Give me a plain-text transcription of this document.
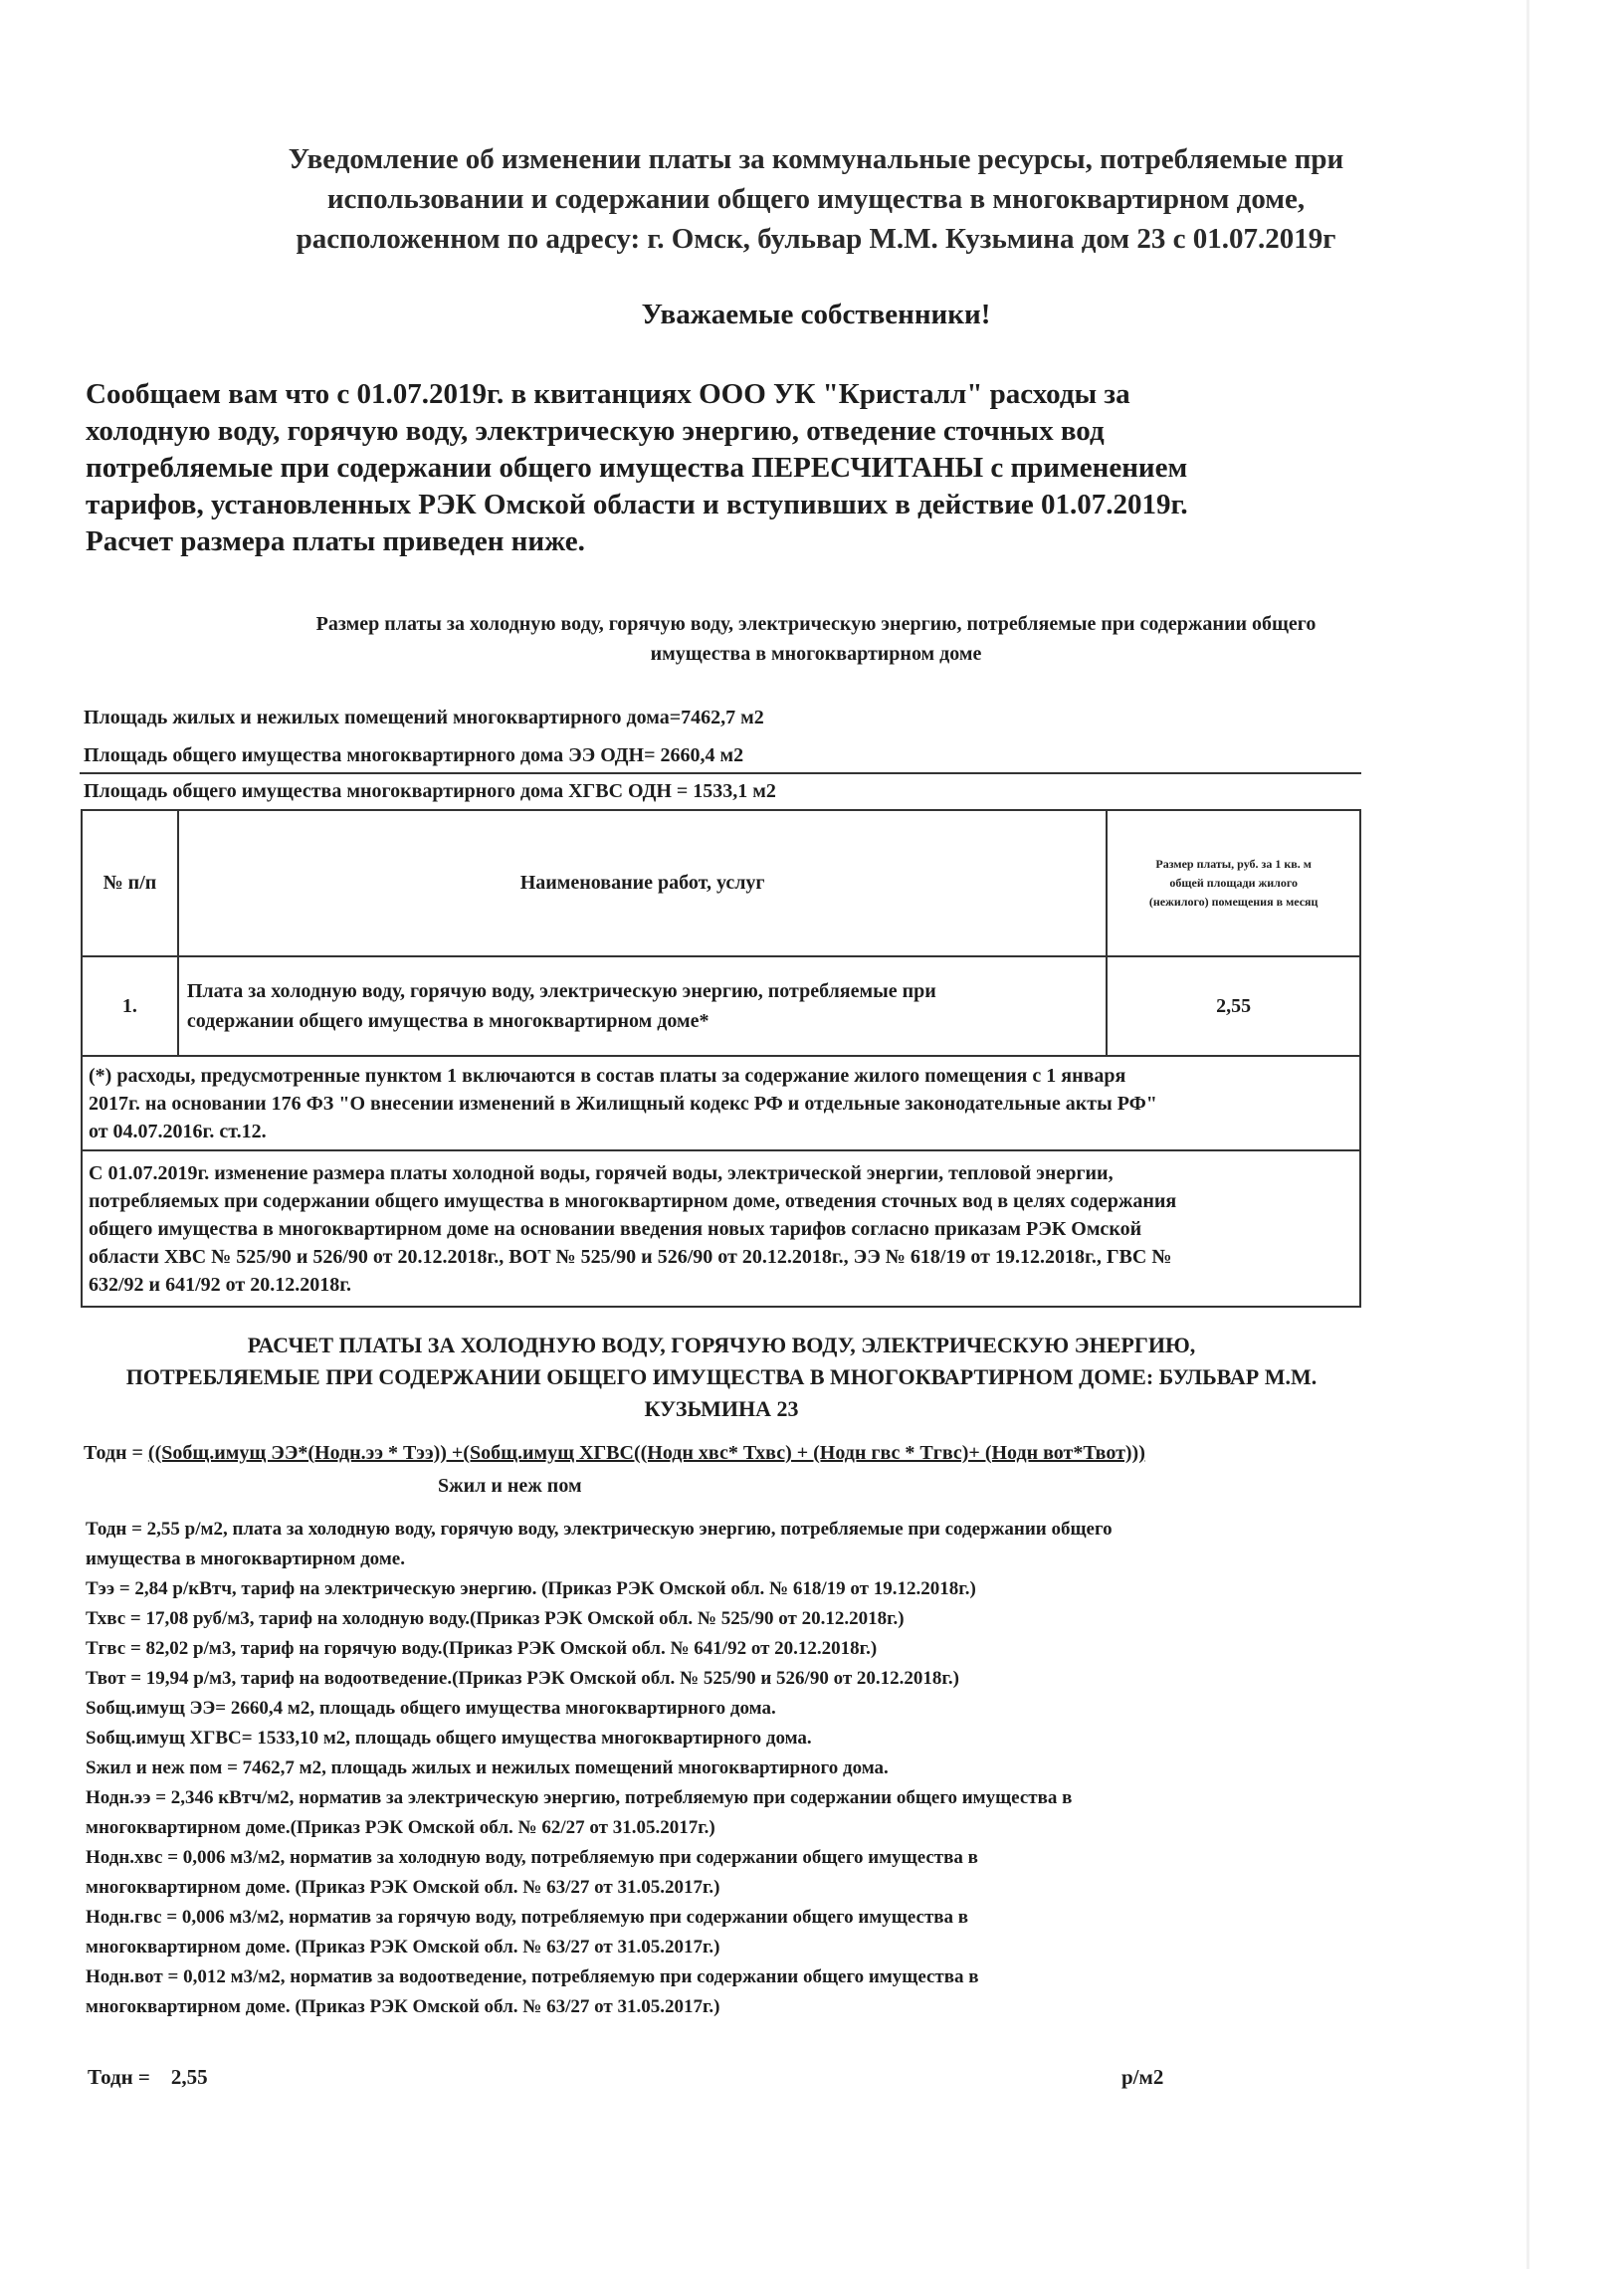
Уведомление об изменении платы за коммунальные ресурсы, потребляемые при
использовании и содержании общего имущества в многоквартирном доме,
расположенном по адресу: г. Омск, бульвар М.М. Кузьмина дом 23 с 01.07.2019г
Уважаемые собственники!
Сообщаем вам что с 01.07.2019г. в квитанциях ООО УК "Кристалл" расходы за
холодную воду, горячую воду, электрическую энергию, отведение сточных вод
потребляемые при содержании общего имущества ПЕРЕСЧИТАНЫ с применением
тарифов, установленных РЭК Омской области и вступивших в действие 01.07.2019г.
Расчет размера платы приведен ниже.
Размер платы за холодную воду, горячую воду, электрическую энергию, потребляемые при содержании общего
имущества в многоквартирном доме
Площадь жилых и нежилых помещений многоквартирного дома=7462,7 м2
Площадь общего имущества многоквартирного дома ЭЭ ОДН= 2660,4 м2
Площадь общего имущества многоквартирного дома ХГВС ОДН = 1533,1 м2
№ п/п	Наименование работ, услуг	Размер платы, руб. за 1 кв. м
общей площади жилого
(нежилого) помещения в месяц

1.	Плата за холодную воду, горячую воду, электрическую энергию, потребляемые при
содержании общего имущества в многоквартирном доме*	2,55

(*) расходы, предусмотренные пунктом 1 включаются в состав платы за содержание жилого помещения с 1 января
2017г. на основании 176 ФЗ "О внесении изменений в Жилищный кодекс РФ и отдельные законодательные акты РФ"
от 04.07.2016г. ст.12.		

С 01.07.2019г. изменение размера платы холодной воды, горячей воды, электрической энергии, тепловой энергии,
потребляемых при содержании общего имущества в многоквартирном доме, отведения сточных вод в целях содержания
общего имущества в многоквартирном доме на основании введения новых тарифов согласно приказам РЭК Омской
области ХВС № 525/90 и 526/90 от 20.12.2018г., ВОТ № 525/90 и 526/90 от 20.12.2018г., ЭЭ № 618/19 от 19.12.2018г., ГВС №
632/92 и 641/92 от 20.12.2018г.		
РАСЧЕТ ПЛАТЫ ЗА ХОЛОДНУЮ ВОДУ, ГОРЯЧУЮ ВОДУ, ЭЛЕКТРИЧЕСКУЮ ЭНЕРГИЮ,
ПОТРЕБЛЯЕМЫЕ ПРИ СОДЕРЖАНИИ ОБЩЕГО ИМУЩЕСТВА В МНОГОКВАРТИРНОМ ДОМЕ: БУЛЬВАР М.М.
КУЗЬМИНА 23
Тодн = ((Sобщ.имущ ЭЭ*(Нодн.ээ * Тээ)) +(Sобщ.имущ ХГВС((Нодн хвс* Тхвс) + (Нодн гвс * Тгвс)+ (Нодн вот*Твот)))
Sжил и неж пом

Тодн = 2,55 р/м2, плата за холодную воду, горячую воду, электрическую энергию, потребляемые при содержании общего

имущества в многоквартирном доме.

Тээ = 2,84 р/кВтч, тариф на электрическую энергию. (Приказ РЭК Омской обл. № 618/19 от 19.12.2018г.)

Тхвс = 17,08 руб/м3, тариф на холодную воду.(Приказ РЭК Омской обл. № 525/90 от 20.12.2018г.)

Тгвс = 82,02 р/м3, тариф на горячую воду.(Приказ РЭК Омской обл. № 641/92 от 20.12.2018г.)

Твот = 19,94 р/м3, тариф на водоотведение.(Приказ РЭК Омской обл. № 525/90 и 526/90 от 20.12.2018г.)

Sобщ.имущ ЭЭ= 2660,4 м2, площадь общего имущества многоквартирного дома.

Sобщ.имущ ХГВС= 1533,10 м2, площадь общего имущества многоквартирного дома.

Sжил и неж пом = 7462,7 м2, площадь жилых и нежилых помещений многоквартирного дома.

Нодн.ээ = 2,346 кВтч/м2, норматив за электрическую энергию, потребляемую при содержании общего имущества в

многоквартирном доме.(Приказ РЭК Омской обл. № 62/27 от 31.05.2017г.)

Нодн.хвс = 0,006 м3/м2, норматив за холодную воду, потребляемую при содержании общего имущества в

многоквартирном доме. (Приказ РЭК Омской обл. № 63/27 от 31.05.2017г.)

Нодн.гвс = 0,006 м3/м2, норматив за горячую воду, потребляемую при содержании общего имущества в

многоквартирном доме. (Приказ РЭК Омской обл. № 63/27 от 31.05.2017г.)

Нодн.вот = 0,012 м3/м2, норматив за водоотведение, потребляемую при содержании общего имущества в

многоквартирном доме. (Приказ РЭК Омской обл. № 63/27 от 31.05.2017г.)

Тодн =    2,55	р/м2
